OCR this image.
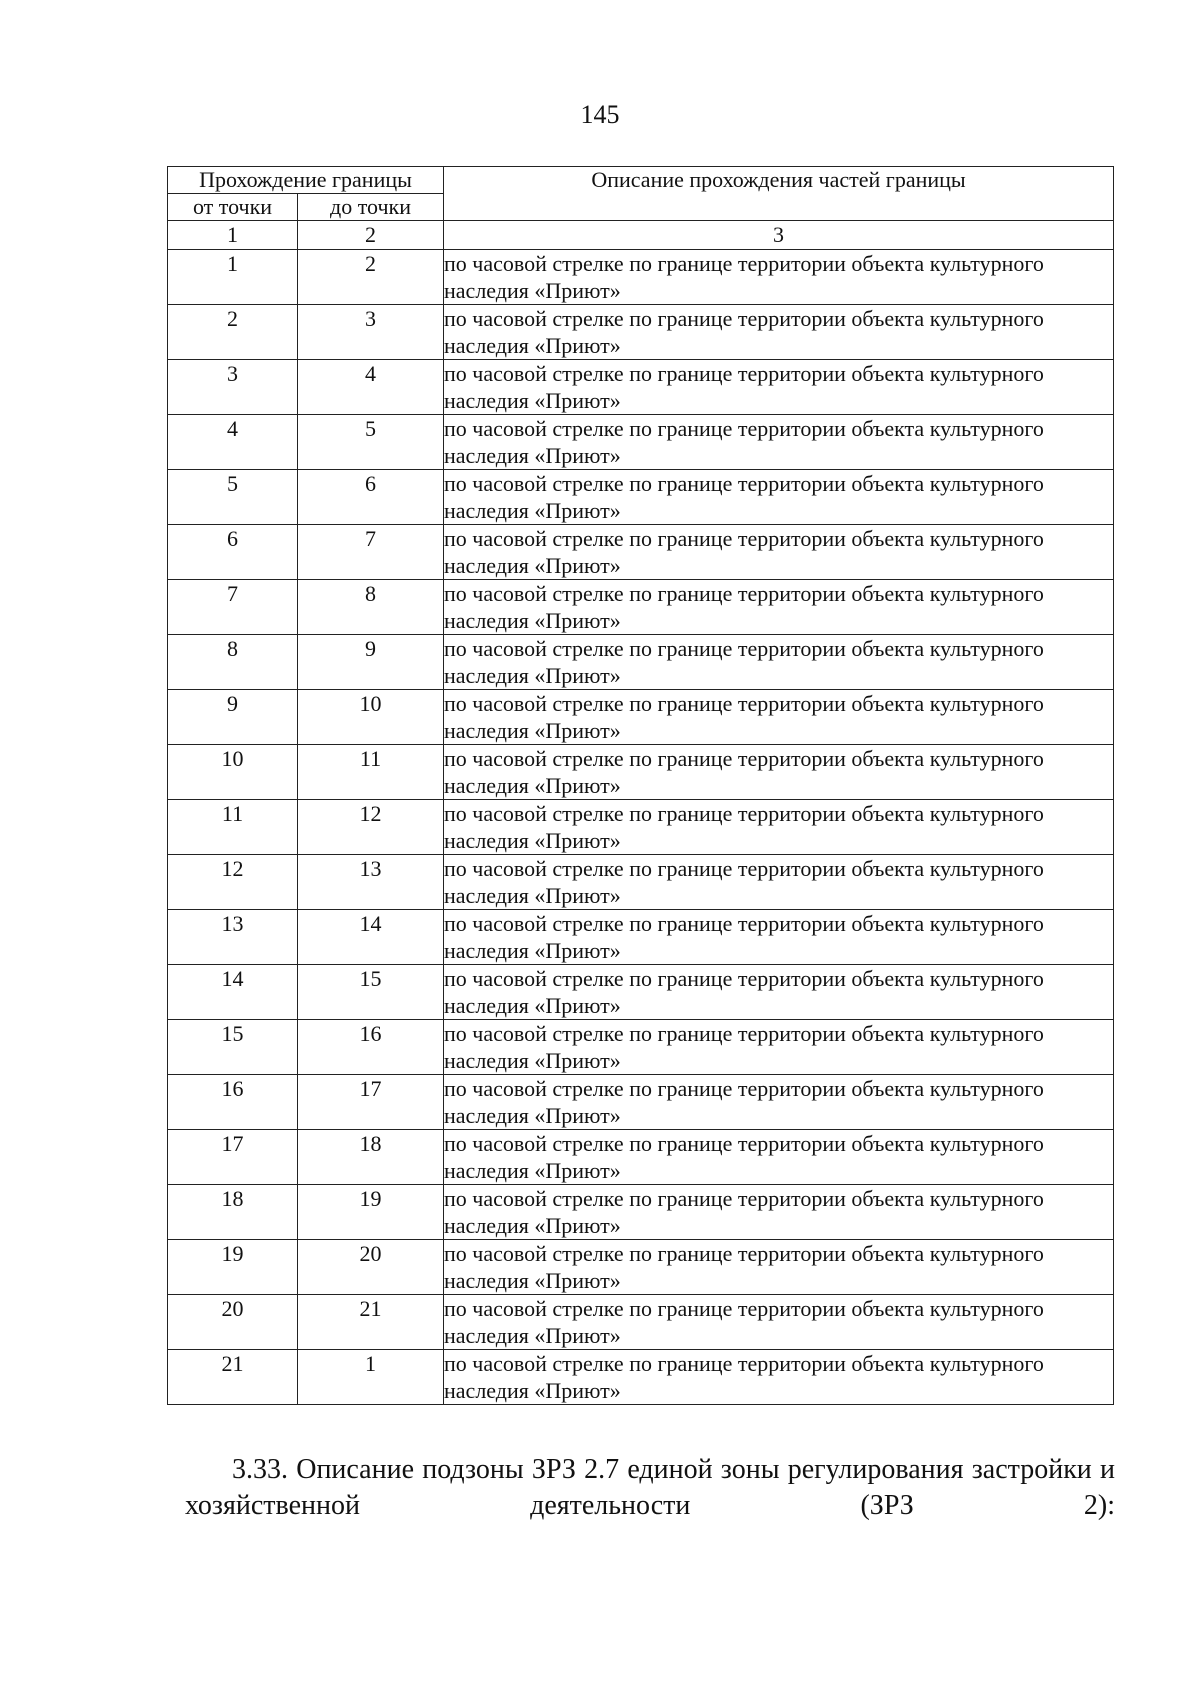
145
Прохождение границы		Описание прохождения частей границы
от точки	до точки	
1	2	3
1	2	по часовой стрелке по границе территории объекта культурного наследия «Приют»
2	3	по часовой стрелке по границе территории объекта культурного наследия «Приют»
3	4	по часовой стрелке по границе территории объекта культурного наследия «Приют»
4	5	по часовой стрелке по границе территории объекта культурного наследия «Приют»
5	6	по часовой стрелке по границе территории объекта культурного наследия «Приют»
6	7	по часовой стрелке по границе территории объекта культурного наследия «Приют»
7	8	по часовой стрелке по границе территории объекта культурного наследия «Приют»
8	9	по часовой стрелке по границе территории объекта культурного наследия «Приют»
9	10	по часовой стрелке по границе территории объекта культурного наследия «Приют»
10	11	по часовой стрелке по границе территории объекта культурного наследия «Приют»
11	12	по часовой стрелке по границе территории объекта культурного наследия «Приют»
12	13	по часовой стрелке по границе территории объекта культурного наследия «Приют»
13	14	по часовой стрелке по границе территории объекта культурного наследия «Приют»
14	15	по часовой стрелке по границе территории объекта культурного наследия «Приют»
15	16	по часовой стрелке по границе территории объекта культурного наследия «Приют»
16	17	по часовой стрелке по границе территории объекта культурного наследия «Приют»
17	18	по часовой стрелке по границе территории объекта культурного наследия «Приют»
18	19	по часовой стрелке по границе территории объекта культурного наследия «Приют»
19	20	по часовой стрелке по границе территории объекта культурного наследия «Приют»
20	21	по часовой стрелке по границе территории объекта культурного наследия «Приют»
21	1	по часовой стрелке по границе территории объекта культурного наследия «Приют»
3.33. Описание подзоны ЗРЗ 2.7 единой зоны регулирования застройки и хозяйственной деятельности (ЗРЗ 2):
